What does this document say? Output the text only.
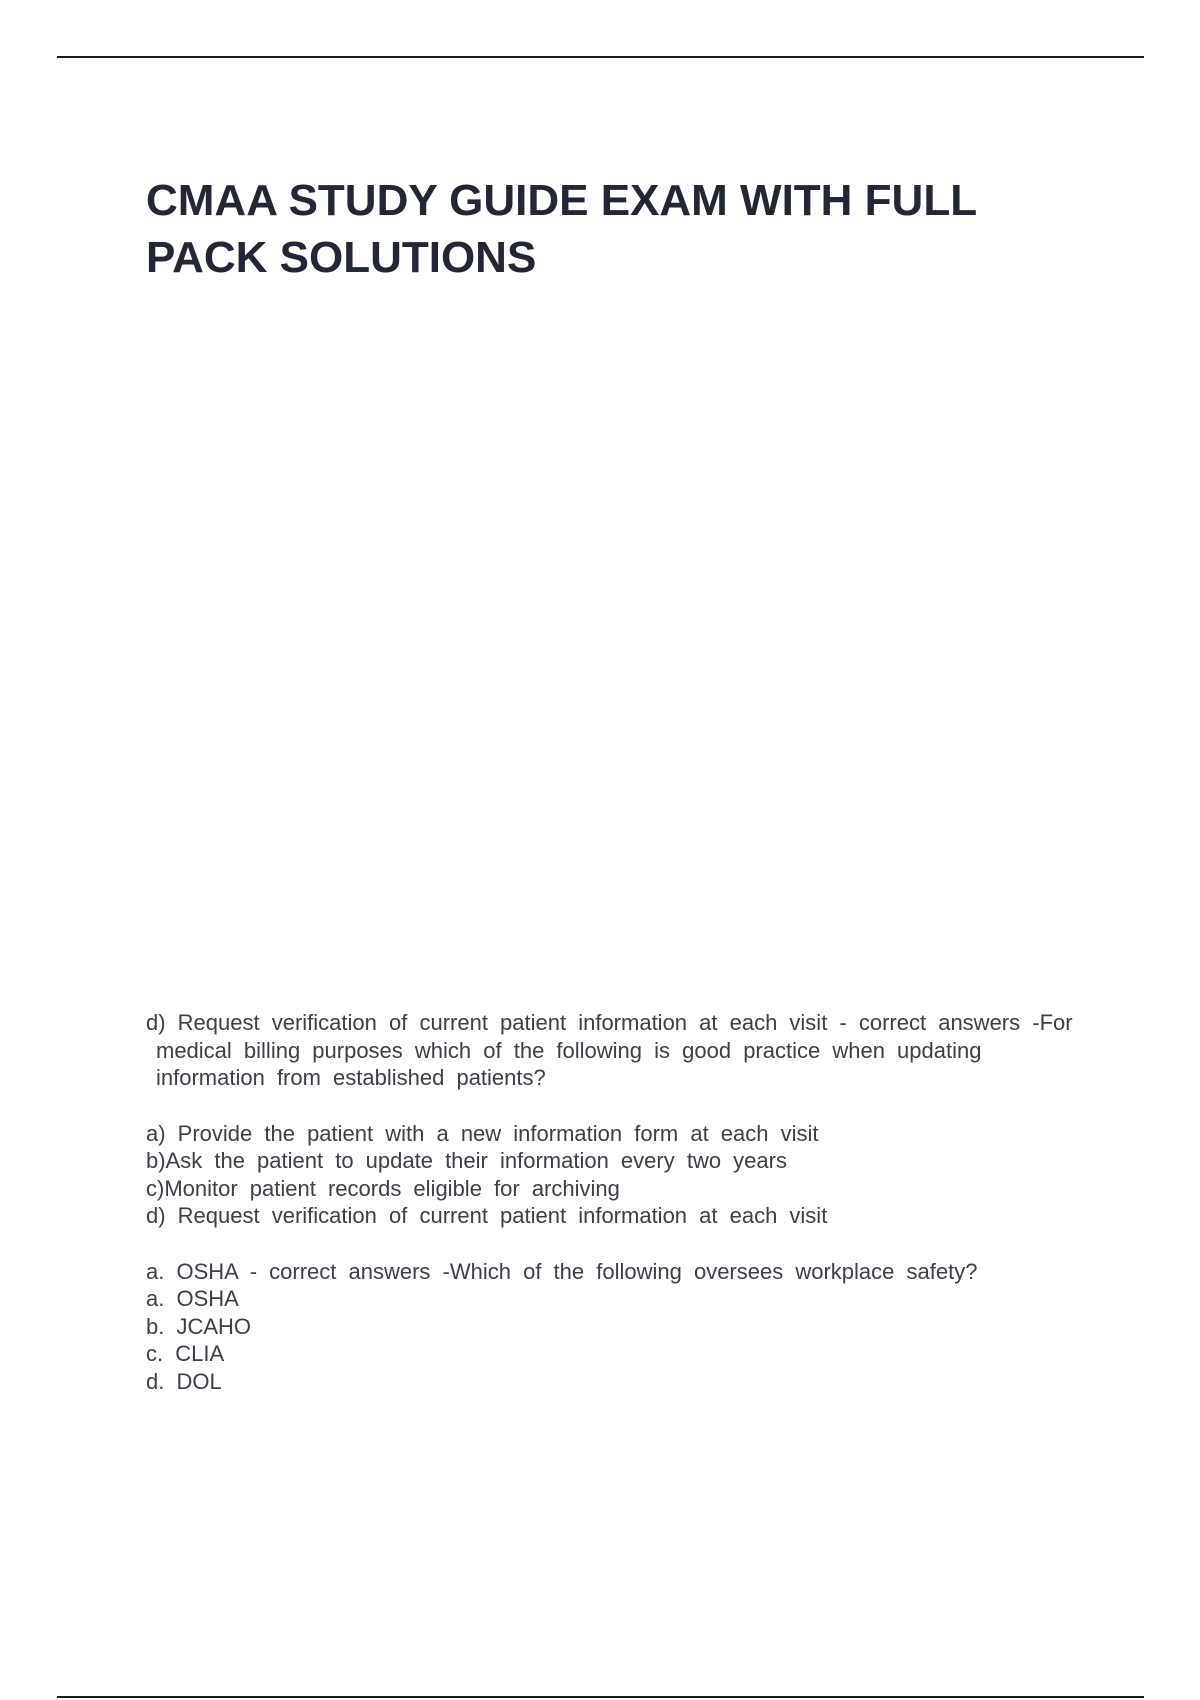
CMAA STUDY GUIDE EXAM WITH FULL
PACK SOLUTIONS
d) Request verification of current patient information at each visit - correct answers -For medical billing purposes which of the following is good practice when updating information from established patients?
a) Provide the patient with a new information form at each visit
b)Ask the patient to update their information every two years
c)Monitor patient records eligible for archiving
d) Request verification of current patient information at each visit
a. OSHA - correct answers -Which of the following oversees workplace safety?
a. OSHA
b. JCAHO
c. CLIA
d. DOL
